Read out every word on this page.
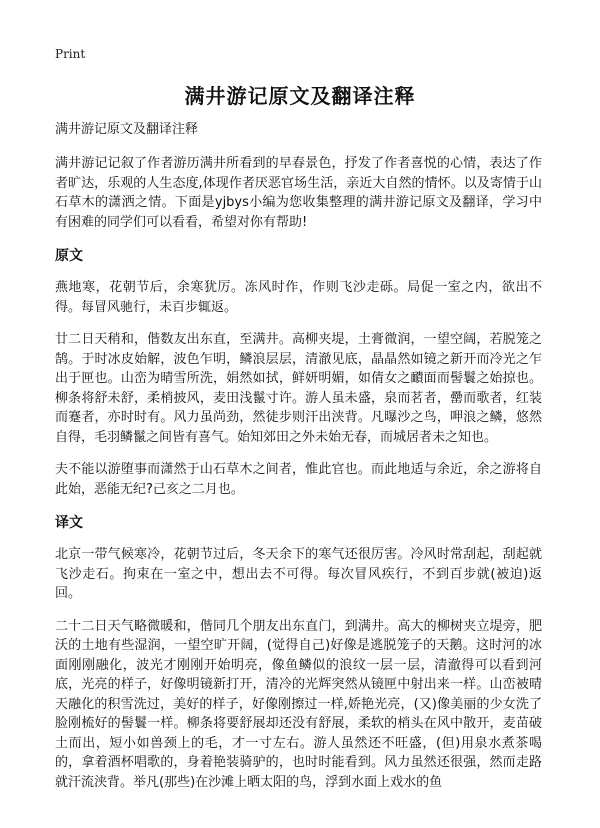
Print
满井游记原文及翻译注释
满井游记原文及翻译注释

满井游记记叙了作者游历满井所看到的早春景色，抒发了作者喜悦的心情，表达了作者旷达，乐观的人生态度,体现作者厌恶官场生活，亲近大自然的情怀。以及寄情于山石草木的潇洒之情。下面是yjbys小编为您收集整理的满井游记原文及翻译，学习中有困难的同学们可以看看，希望对你有帮助!

原文

燕地寒，花朝节后，余寒犹厉。冻风时作，作则飞沙走砾。局促一室之内，欲出不得。每冒风驰行，未百步辄返。

廿二日天稍和，偕数友出东直，至满井。高柳夹堤，土膏微润，一望空阔，若脱笼之鹄。于时冰皮始解，波色乍明，鳞浪层层，清澈见底，晶晶然如镜之新开而冷光之乍出于匣也。山峦为晴雪所洗，娟然如拭，鲜妍明媚，如倩女之靧面而髻鬟之始掠也。柳条将舒未舒，柔梢披风，麦田浅鬣寸许。游人虽未盛，泉而茗者，罍而歌者，红装而蹇者，亦时时有。风力虽尚劲，然徒步则汗出浃背。凡曝沙之鸟，呷浪之鳞，悠然自得，毛羽鳞鬣之间皆有喜气。始知郊田之外未始无春，而城居者未之知也。

夫不能以游堕事而潇然于山石草木之间者，惟此官也。而此地适与余近，余之游将自此始，恶能无纪?己亥之二月也。

译文

北京一带气候寒冷，花朝节过后，冬天余下的寒气还很厉害。冷风时常刮起，刮起就飞沙走石。拘束在一室之中，想出去不可得。每次冒风疾行，不到百步就(被迫)返回。

二十二日天气略微暖和，偕同几个朋友出东直门，到满井。高大的柳树夹立堤旁，肥沃的土地有些湿润，一望空旷开阔，(觉得自己)好像是逃脱笼子的天鹅。这时河的冰面刚刚融化，波光才刚刚开始明亮，像鱼鳞似的浪纹一层一层，清澈得可以看到河底，光亮的样子，好像明镜新打开，清冷的光辉突然从镜匣中射出来一样。山峦被晴天融化的积雪洗过，美好的样子，好像刚擦过一样,娇艳光亮，(又)像美丽的少女洗了脸刚梳好的髻鬟一样。柳条将要舒展却还没有舒展，柔软的梢头在风中散开，麦苗破土而出，短小如兽颈上的毛，才一寸左右。游人虽然还不旺盛，(但)用泉水煮茶喝的，拿着酒杯唱歌的，身着艳装骑驴的，也时时能看到。风力虽然还很强，然而走路就汗流浃背。举凡(那些)在沙滩上晒太阳的鸟，浮到水面上戏水的鱼
